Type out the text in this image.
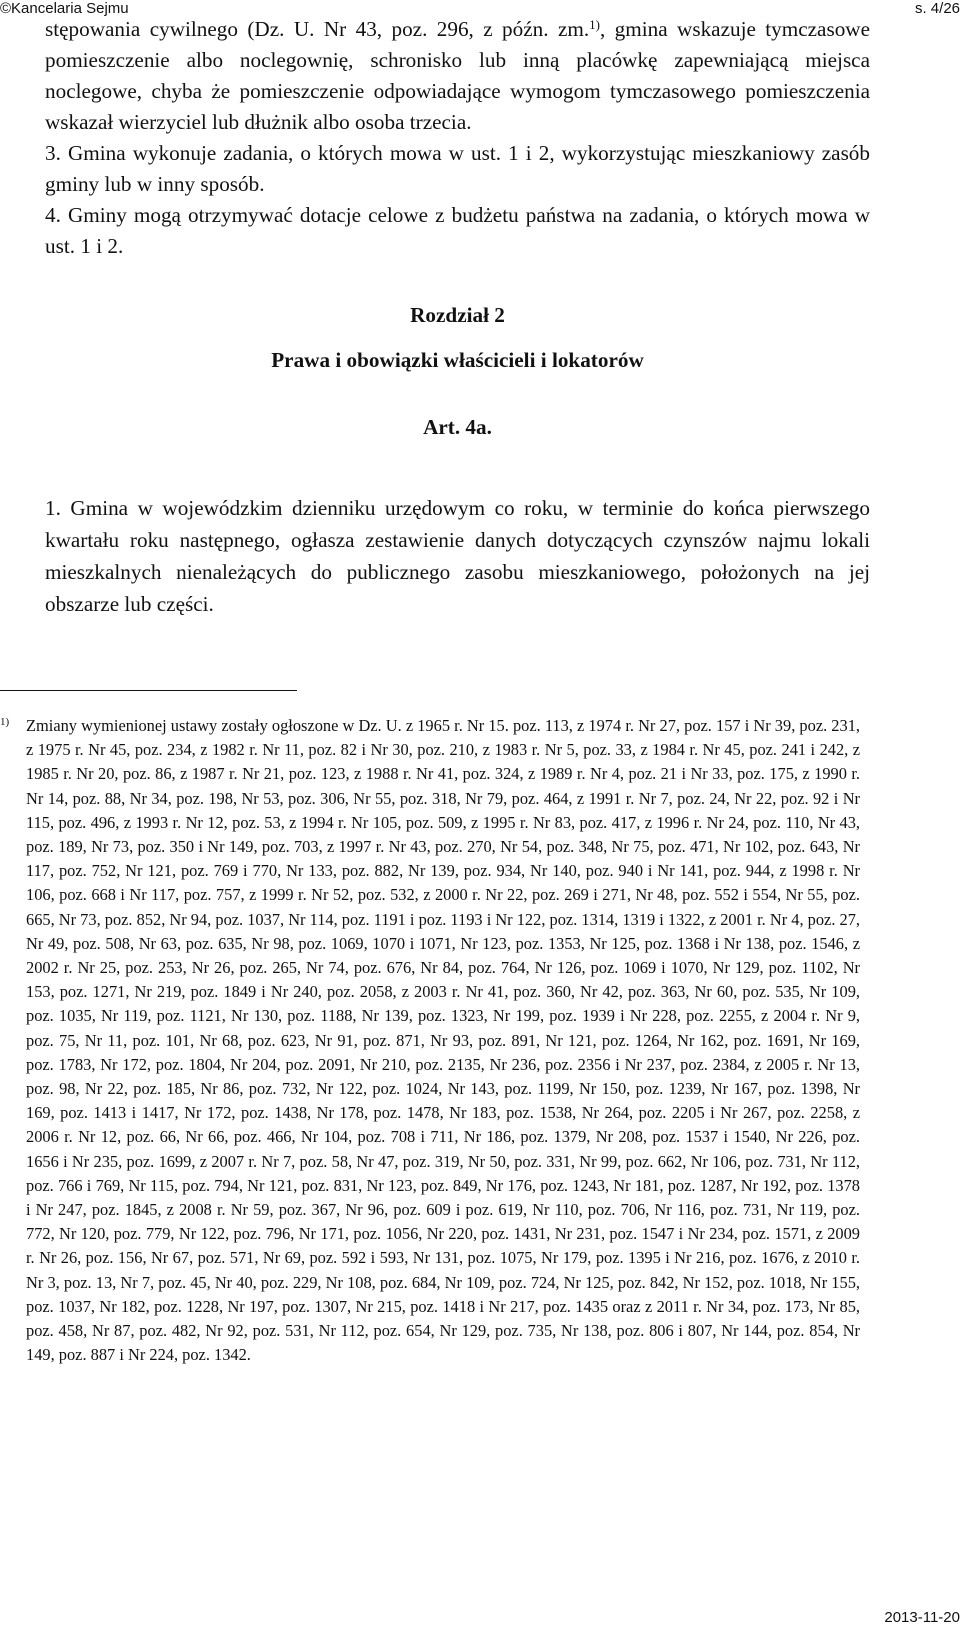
©Kancelaria Sejmu	s. 4/26

stępowania cywilnego (Dz. U. Nr 43, poz. 296, z późn. zm.$^{1)}$, gmina wskazuje tymczasowe pomieszczenie albo noclegownię, schronisko lub inną placówkę zapewniającą miejsca noclegowe, chyba że pomieszczenie odpowiadające wymogom tymczasowego pomieszczenia wskazał wierzyciel lub dłużnik albo osoba trzecia.

3. Gmina wykonuje zadania, o których mowa w ust. 1 i 2, wykorzystując mieszkaniowy zasób gminy lub w inny sposób.

4. Gminy mogą otrzymywać dotacje celowe z budżetu państwa na zadania, o których mowa w ust. 1 i 2.

Rozdział 2

Prawa i obowiązki właścicieli i lokatorów

Art. 4a.

1. Gmina w wojewódzkim dzienniku urzędowym co roku, w terminie do końca pierwszego kwartału roku następnego, ogłasza zestawienie danych dotyczących czynszów najmu lokali mieszkalnych nienależących do publicznego zasobu mieszkaniowego, położonych na jej obszarze lub części.

1) Zmiany wymienionej ustawy zostały ogłoszone w Dz. U. z 1965 r. Nr 15. poz. 113, z 1974 r. Nr 27, poz. 157 i Nr 39, poz. 231, z 1975 r. Nr 45, poz. 234, z 1982 r. Nr 11, poz. 82 i Nr 30, poz. 210, z 1983 r. Nr 5, poz. 33, z 1984 r. Nr 45, poz. 241 i 242, z 1985 r. Nr 20, poz. 86, z 1987 r. Nr 21, poz. 123, z 1988 r. Nr 41, poz. 324, z 1989 r. Nr 4, poz. 21 i Nr 33, poz. 175, z 1990 r. Nr 14, poz. 88, Nr 34, poz. 198, Nr 53, poz. 306, Nr 55, poz. 318, Nr 79, poz. 464, z 1991 r. Nr 7, poz. 24, Nr 22, poz. 92 i Nr 115, poz. 496, z 1993 r. Nr 12, poz. 53, z 1994 r. Nr 105, poz. 509, z 1995 r. Nr 83, poz. 417, z 1996 r. Nr 24, poz. 110, Nr 43, poz. 189, Nr 73, poz. 350 i Nr 149, poz. 703, z 1997 r. Nr 43, poz. 270, Nr 54, poz. 348, Nr 75, poz. 471, Nr 102, poz. 643, Nr 117, poz. 752, Nr 121, poz. 769 i 770, Nr 133, poz. 882, Nr 139, poz. 934, Nr 140, poz. 940 i Nr 141, poz. 944, z 1998 r. Nr 106, poz. 668 i Nr 117, poz. 757, z 1999 r. Nr 52, poz. 532, z 2000 r. Nr 22, poz. 269 i 271, Nr 48, poz. 552 i 554, Nr 55, poz. 665, Nr 73, poz. 852, Nr 94, poz. 1037, Nr 114, poz. 1191 i poz. 1193 i Nr 122, poz. 1314, 1319 i 1322, z 2001 r. Nr 4, poz. 27, Nr 49, poz. 508, Nr 63, poz. 635, Nr 98, poz. 1069, 1070 i 1071, Nr 123, poz. 1353, Nr 125, poz. 1368 i Nr 138, poz. 1546, z 2002 r. Nr 25, poz. 253, Nr 26, poz. 265, Nr 74, poz. 676, Nr 84, poz. 764, Nr 126, poz. 1069 i 1070, Nr 129, poz. 1102, Nr 153, poz. 1271, Nr 219, poz. 1849 i Nr 240, poz. 2058, z 2003 r. Nr 41, poz. 360, Nr 42, poz. 363, Nr 60, poz. 535, Nr 109, poz. 1035, Nr 119, poz. 1121, Nr 130, poz. 1188, Nr 139, poz. 1323, Nr 199, poz. 1939 i Nr 228, poz. 2255, z 2004 r. Nr 9, poz. 75, Nr 11, poz. 101, Nr 68, poz. 623, Nr 91, poz. 871, Nr 93, poz. 891, Nr 121, poz. 1264, Nr 162, poz. 1691, Nr 169, poz. 1783, Nr 172, poz. 1804, Nr 204, poz. 2091, Nr 210, poz. 2135, Nr 236, poz. 2356 i Nr 237, poz. 2384, z 2005 r. Nr 13, poz. 98, Nr 22, poz. 185, Nr 86, poz. 732, Nr 122, poz. 1024, Nr 143, poz. 1199, Nr 150, poz. 1239, Nr 167, poz. 1398, Nr 169, poz. 1413 i 1417, Nr 172, poz. 1438, Nr 178, poz. 1478, Nr 183, poz. 1538, Nr 264, poz. 2205 i Nr 267, poz. 2258, z 2006 r. Nr 12, poz. 66, Nr 66, poz. 466, Nr 104, poz. 708 i 711, Nr 186, poz. 1379, Nr 208, poz. 1537 i 1540, Nr 226, poz. 1656 i Nr 235, poz. 1699, z 2007 r. Nr 7, poz. 58, Nr 47, poz. 319, Nr 50, poz. 331, Nr 99, poz. 662, Nr 106, poz. 731, Nr 112, poz. 766 i 769, Nr 115, poz. 794, Nr 121, poz. 831, Nr 123, poz. 849, Nr 176, poz. 1243, Nr 181, poz. 1287, Nr 192, poz. 1378 i Nr 247, poz. 1845, z 2008 r. Nr 59, poz. 367, Nr 96, poz. 609 i poz. 619, Nr 110, poz. 706, Nr 116, poz. 731, Nr 119, poz. 772, Nr 120, poz. 779, Nr 122, poz. 796, Nr 171, poz. 1056, Nr 220, poz. 1431, Nr 231, poz. 1547 i Nr 234, poz. 1571, z 2009 r. Nr 26, poz. 156, Nr 67, poz. 571, Nr 69, poz. 592 i 593, Nr 131, poz. 1075, Nr 179, poz. 1395 i Nr 216, poz. 1676, z 2010 r. Nr 3, poz. 13, Nr 7, poz. 45, Nr 40, poz. 229, Nr 108, poz. 684, Nr 109, poz. 724, Nr 125, poz. 842, Nr 152, poz. 1018, Nr 155, poz. 1037, Nr 182, poz. 1228, Nr 197, poz. 1307, Nr 215, poz. 1418 i Nr 217, poz. 1435 oraz z 2011 r. Nr 34, poz. 173, Nr 85, poz. 458, Nr 87, poz. 482, Nr 92, poz. 531, Nr 112, poz. 654, Nr 129, poz. 735, Nr 138, poz. 806 i 807, Nr 144, poz. 854, Nr 149, poz. 887 i Nr 224, poz. 1342.
2013-11-20
